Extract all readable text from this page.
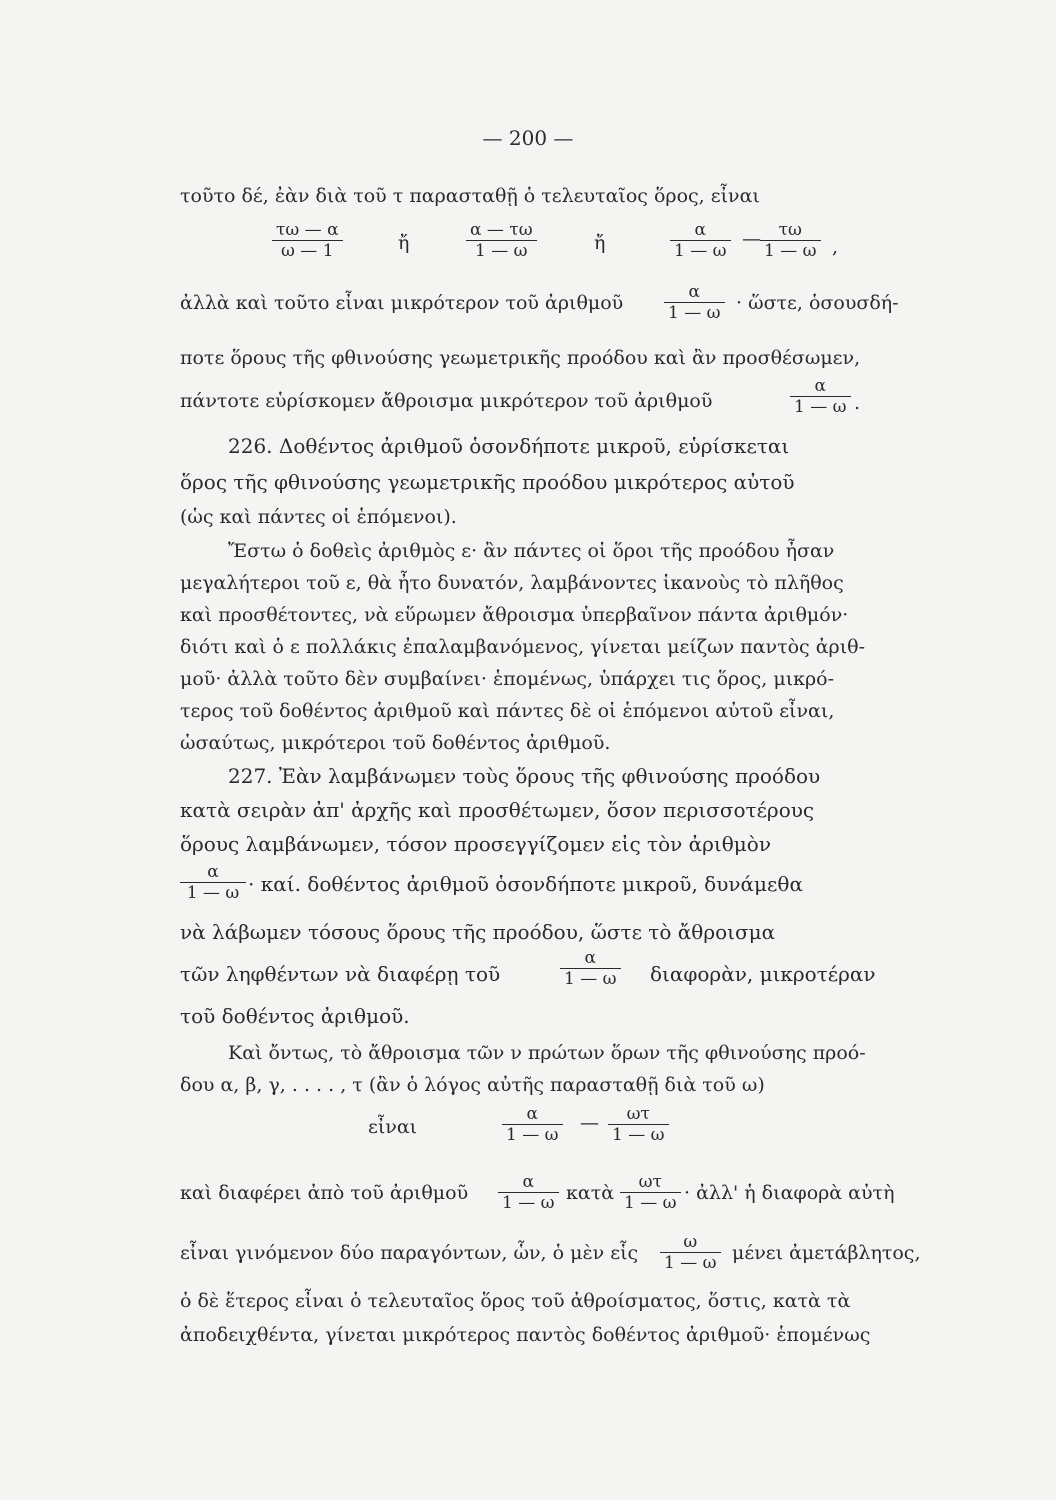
— 200 —
τοῦτο δέ, ἐὰν διὰ τοῦ τ παρασταθῇ ὁ τελευταῖος ὅρος, εἶναι
τω — α
ω — 1	ἤ
α — τω
1 — ω	ἤ
α
1 — ω
— τω
1 — ω ,
ἀλλὰ καὶ τοῦτο εἶναι μικρότερον τοῦ ἀριθμοῦ	α
1 — ω · ὥστε, ὁσουσδή-
ποτε ὅρους τῆς φθινούσης γεωμετρικῆς προόδου καὶ ἂν προσθέσωμεν,
πάντοτε εὑρίσκομεν ἄθροισμα μικρότερον τοῦ ἀριθμοῦ
α
1 — ω .
226. Δοθέντος ἀριθμοῦ ὁσονδήποτε μικροῦ, εὑρίσκεται
ὅρος τῆς φθινούσης γεωμετρικῆς προόδου μικρότερος αὐτοῦ
(ὡς καὶ πάντες οἱ ἑπόμενοι).
Ἔστω ὁ δοθεὶς ἀριθμὸς ε· ἂν πάντες οἱ ὅροι τῆς προόδου ἦσαν
μεγαλήτεροι τοῦ ε, θὰ ἦτο δυνατόν, λαμβάνοντες ἱκανοὺς τὸ πλῆθος
καὶ προσθέτοντες, νὰ εὕρωμεν ἄθροισμα ὑπερβαῖνον πάντα ἀριθμόν·
διότι καὶ ὁ ε πολλάκις ἐπαλαμβανόμενος, γίνεται μείζων παντὸς ἀριθ-
μοῦ· ἀλλὰ τοῦτο δὲν συμβαίνει· ἑπομένως, ὑπάρχει τις ὅρος, μικρό-
τερος τοῦ δοθέντος ἀριθμοῦ καὶ πάντες δὲ οἱ ἑπόμενοι αὐτοῦ εἶναι,
ὡσαύτως, μικρότεροι τοῦ δοθέντος ἀριθμοῦ.
227. Ἐὰν λαμβάνωμεν τοὺς ὅρους τῆς φθινούσης προόδου
κατὰ σειρὰν ἀπ' ἀρχῆς καὶ προσθέτωμεν, ὅσον περισσοτέρους
ὅρους λαμβάνωμεν, τόσον προσεγγίζομεν εἰς τὸν ἀριθμὸν
α
1 — ω · καί. δοθέντος ἀριθμοῦ ὁσονδήποτε μικροῦ, δυνάμεθα
νὰ λάβωμεν τόσους ὅρους τῆς προόδου, ὥστε τὸ ἄθροισμα
τῶν ληφθέντων νὰ διαφέρῃ τοῦ
α
1 — ω διαφορὰν, μικροτέραν
τοῦ δοθέντος ἀριθμοῦ.
Καὶ ὄντως, τὸ ἄθροισμα τῶν ν πρώτων ὅρων τῆς φθινούσης προό-
δου α, β, γ, . . . . , τ (ἂν ὁ λόγος αὐτῆς παρασταθῇ διὰ τοῦ ω)
εἶναι
α
1 — ω
— ωτ
1 — ω
καὶ διαφέρει ἀπὸ τοῦ ἀριθμοῦ	α
1 — ω κατὰ ωτ
1 — ω · ἀλλ' ἡ διαφορὰ αὐτὴ
εἶναι γινόμενον δύο παραγόντων, ὧν, ὁ μὲν εἷς	ω
1 — ω μένει ἀμετάβλητος,
ὁ δὲ ἕτερος εἶναι ὁ τελευταῖος ὅρος τοῦ ἀθροίσματος, ὅστις, κατὰ τὰ
ἀποδειχθέντα, γίνεται μικρότερος παντὸς δοθέντος ἀριθμοῦ· ἑπομένως
